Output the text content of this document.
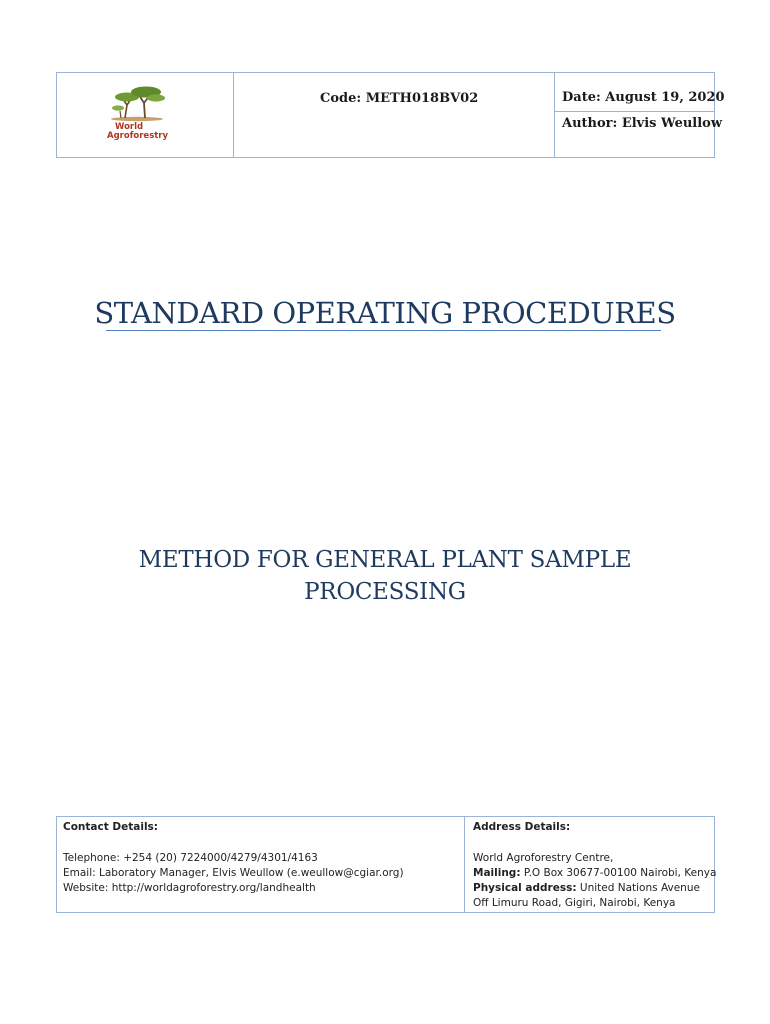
World
Agroforestry
Code: METH018BV02	Date: August 19, 2020
Author: Elvis Weullow
STANDARD OPERATING PROCEDURES
METHOD FOR GENERAL PLANT SAMPLE
PROCESSING
Contact Details:
Telephone: +254 (20) 7224000/4279/4301/4163
Email: Laboratory Manager, Elvis Weullow (e.weullow@cgiar.org)
Website: http://worldagroforestry.org/landhealth
Address Details:
World Agroforestry Centre,
Mailing: P.O Box 30677-00100 Nairobi, Kenya
Physical address: United Nations Avenue
Off Limuru Road, Gigiri, Nairobi, Kenya
